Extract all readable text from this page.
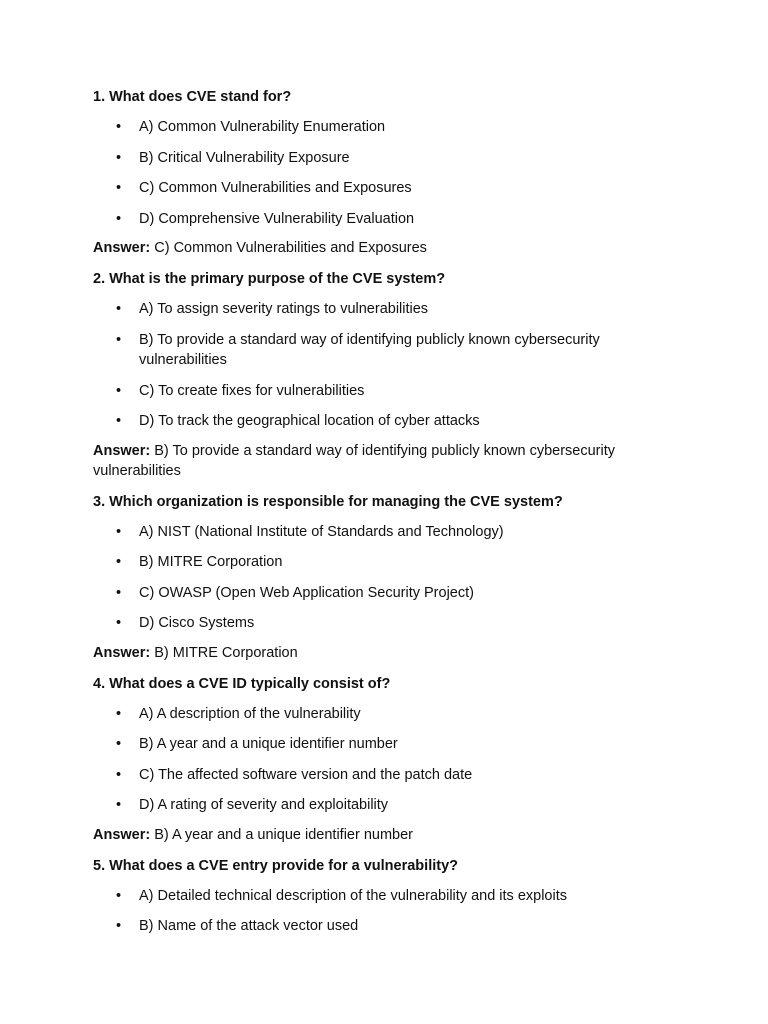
1. What does CVE stand for?

• A) Common Vulnerability Enumeration
• B) Critical Vulnerability Exposure
• C) Common Vulnerabilities and Exposures
• D) Comprehensive Vulnerability Evaluation

Answer: C) Common Vulnerabilities and Exposures

2. What is the primary purpose of the CVE system?

• A) To assign severity ratings to vulnerabilities
• B) To provide a standard way of identifying publicly known cybersecurity vulnerabilities
• C) To create fixes for vulnerabilities
• D) To track the geographical location of cyber attacks

Answer: B) To provide a standard way of identifying publicly known cybersecurity vulnerabilities

3. Which organization is responsible for managing the CVE system?

• A) NIST (National Institute of Standards and Technology)
• B) MITRE Corporation
• C) OWASP (Open Web Application Security Project)
• D) Cisco Systems

Answer: B) MITRE Corporation

4. What does a CVE ID typically consist of?

• A) A description of the vulnerability
• B) A year and a unique identifier number
• C) The affected software version and the patch date
• D) A rating of severity and exploitability

Answer: B) A year and a unique identifier number

5. What does a CVE entry provide for a vulnerability?

• A) Detailed technical description of the vulnerability and its exploits
• B) Name of the attack vector used
